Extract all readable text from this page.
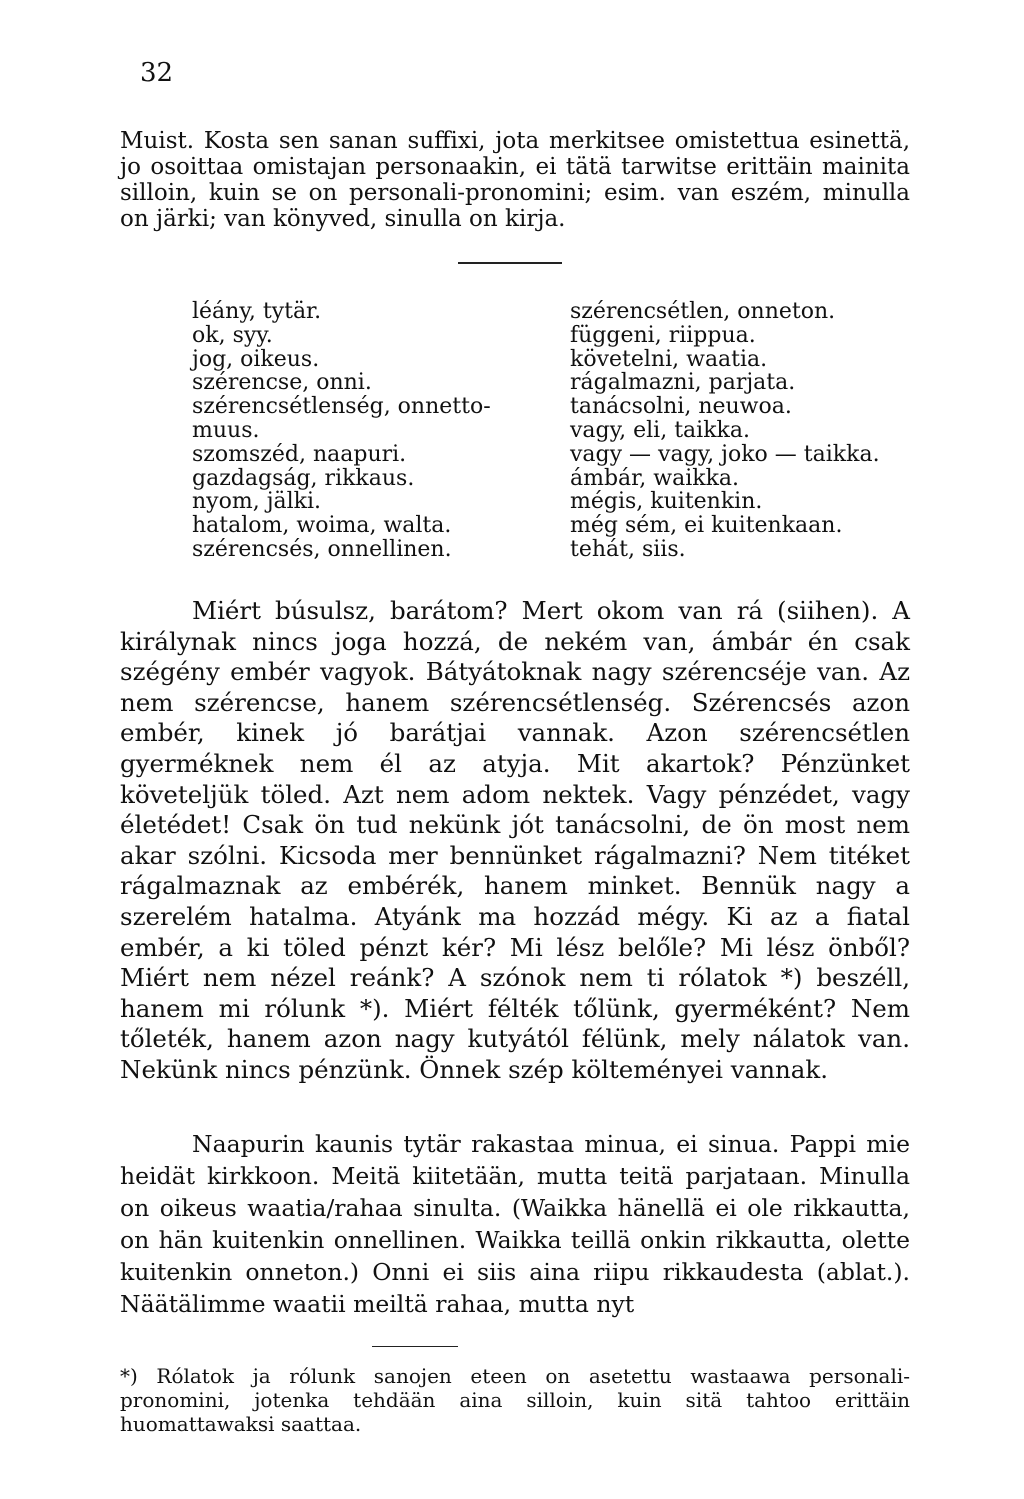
32

Muist. Kosta sen sanan suffixi, jota merkitsee omistettua esinettä, jo osoittaa omistajan personaakin, ei tätä tarwitse erittäin mainita silloin, kuin se on personali-pronomini; esim. van eszém, minulla on järki; van könyved, sinulla on kirja.

léány, tytär.
ok, syy.
jog, oikeus.
szérencse, onni.
szérencsétlenség, onnetto-
muus.
szomszéd, naapuri.
gazdagság, rikkaus.
nyom, jälki.
hatalom, woima, walta.
szérencsés, onnellinen.
szérencsétlen, onneton.
függeni, riippua.
követelni, waatia.
rágalmazni, parjata.
tanácsolni, neuwoa.
vagy, eli, taikka.
vagy — vagy, joko — taikka.
ámbár, waikka.
mégis, kuitenkin.
még sém, ei kuitenkaan.
tehát, siis.

Miért búsulsz, barátom? Mert okom van rá (siihen). A királynak nincs joga hozzá, de nekém van, ámbár én csak szégény embér vagyok. Bátyátoknak nagy szérencséje van. Az nem szérencse, hanem szérencsétlenség. Szérencsés azon embér, kinek jó barátjai vannak. Azon szérencsétlen gyerméknek nem él az atyja. Mit akartok? Pénzünket követeljük töled. Azt nem adom nektek. Vagy pénzédet, vagy életédet! Csak ön tud nekünk jót tanácsolni, de ön most nem akar szólni. Kicsoda mer bennünket rágalmazni? Nem titéket rágalmaznak az embérék, hanem minket. Bennük nagy a szerelém hatalma. Atyánk ma hozzád mégy. Ki az a fiatal embér, a ki töled pénzt kér? Mi lész belőle? Mi lész önből? Miért nem nézel reánk? A szónok nem ti rólatok *) beszéll, hanem mi rólunk *). Miért félték tőlünk, gyerméként? Nem tőleték, hanem azon nagy kutyától félünk, mely nálatok van. Nekünk nincs pénzünk. Önnek szép költeményei vannak.

Naapurin kaunis tytär rakastaa minua, ei sinua. Pappi mie heidät kirkkoon. Meitä kiitetään, mutta teitä parjataan. Minulla on oikeus waatia/rahaa sinulta. (Waikka hänellä ei ole rikkautta, on hän kuitenkin onnellinen. Waikka teillä onkin rikkautta, olette kuitenkin onneton.) Onni ei siis aina riipu rikkaudesta (ablat.). Näätälimme waatii meiltä rahaa, mutta nyt

*) Rólatok ja rólunk sanojen eteen on asetettu wastaawa personali-pronomini, jotenka tehdään aina silloin, kuin sitä tahtoo erittäin huomattawaksi saattaa.
